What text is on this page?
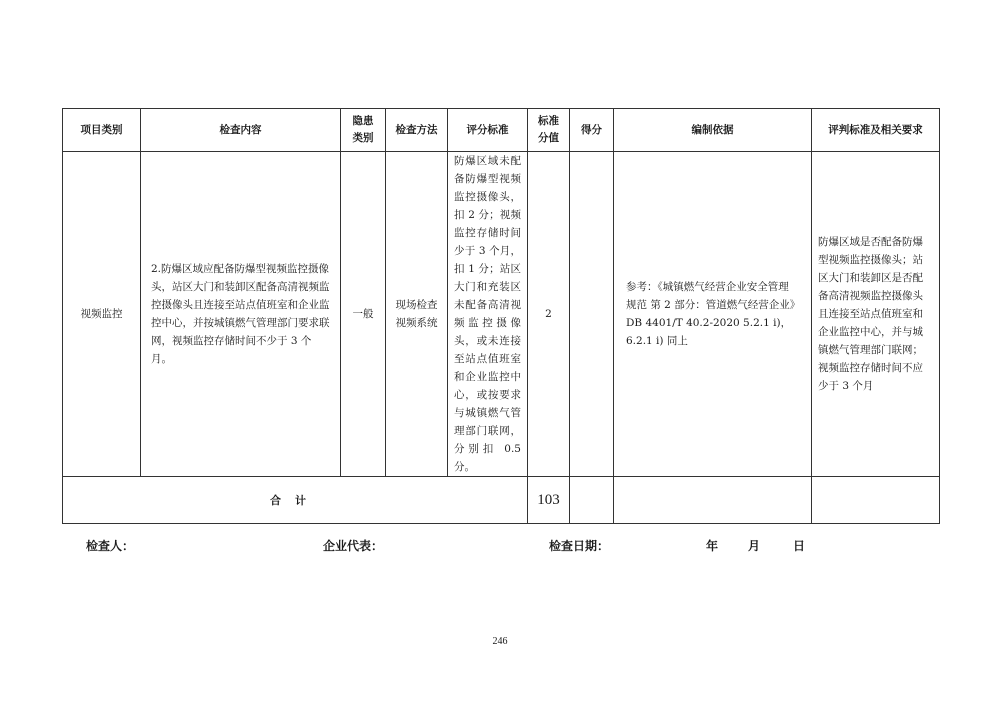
项目类别	检查内容	隐患类别	检查方法	评分标准	标准分值	得分	编制依据	评判标准及相关要求
视频监控	2.防爆区域应配备防爆型视频监控摄像头，站区大门和装卸区配备高清视频监控摄像头且连接至站点值班室和企业监控中心，并按城镇燃气管理部门要求联网，视频监控存储时间不少于 3 个月。	一般	现场检查视频系统	防爆区域未配备防爆型视频监控摄像头，扣 2 分；视频监控存储时间少于 3 个月，扣 1 分；站区大门和充装区未配备高清视频监控摄像头，或未连接至站点值班室和企业监控中心，或按要求与城镇燃气管理部门联网，分别扣 0.5 分。	2		参考：《城镇燃气经营企业安全管理规范 第 2 部分：管道燃气经营企业》DB 4401/T 40.2-2020 5.2.1 i)，6.2.1 i) 同上	防爆区域是否配备防爆型视频监控摄像头；站区大门和装卸区是否配备高清视频监控摄像头且连接至站点值班室和企业监控中心，并与城镇燃气管理部门联网；视频监控存储时间不应少于 3 个月
合计					103			
检查人：	企业代表：	检查日期：	年 月	日
246
